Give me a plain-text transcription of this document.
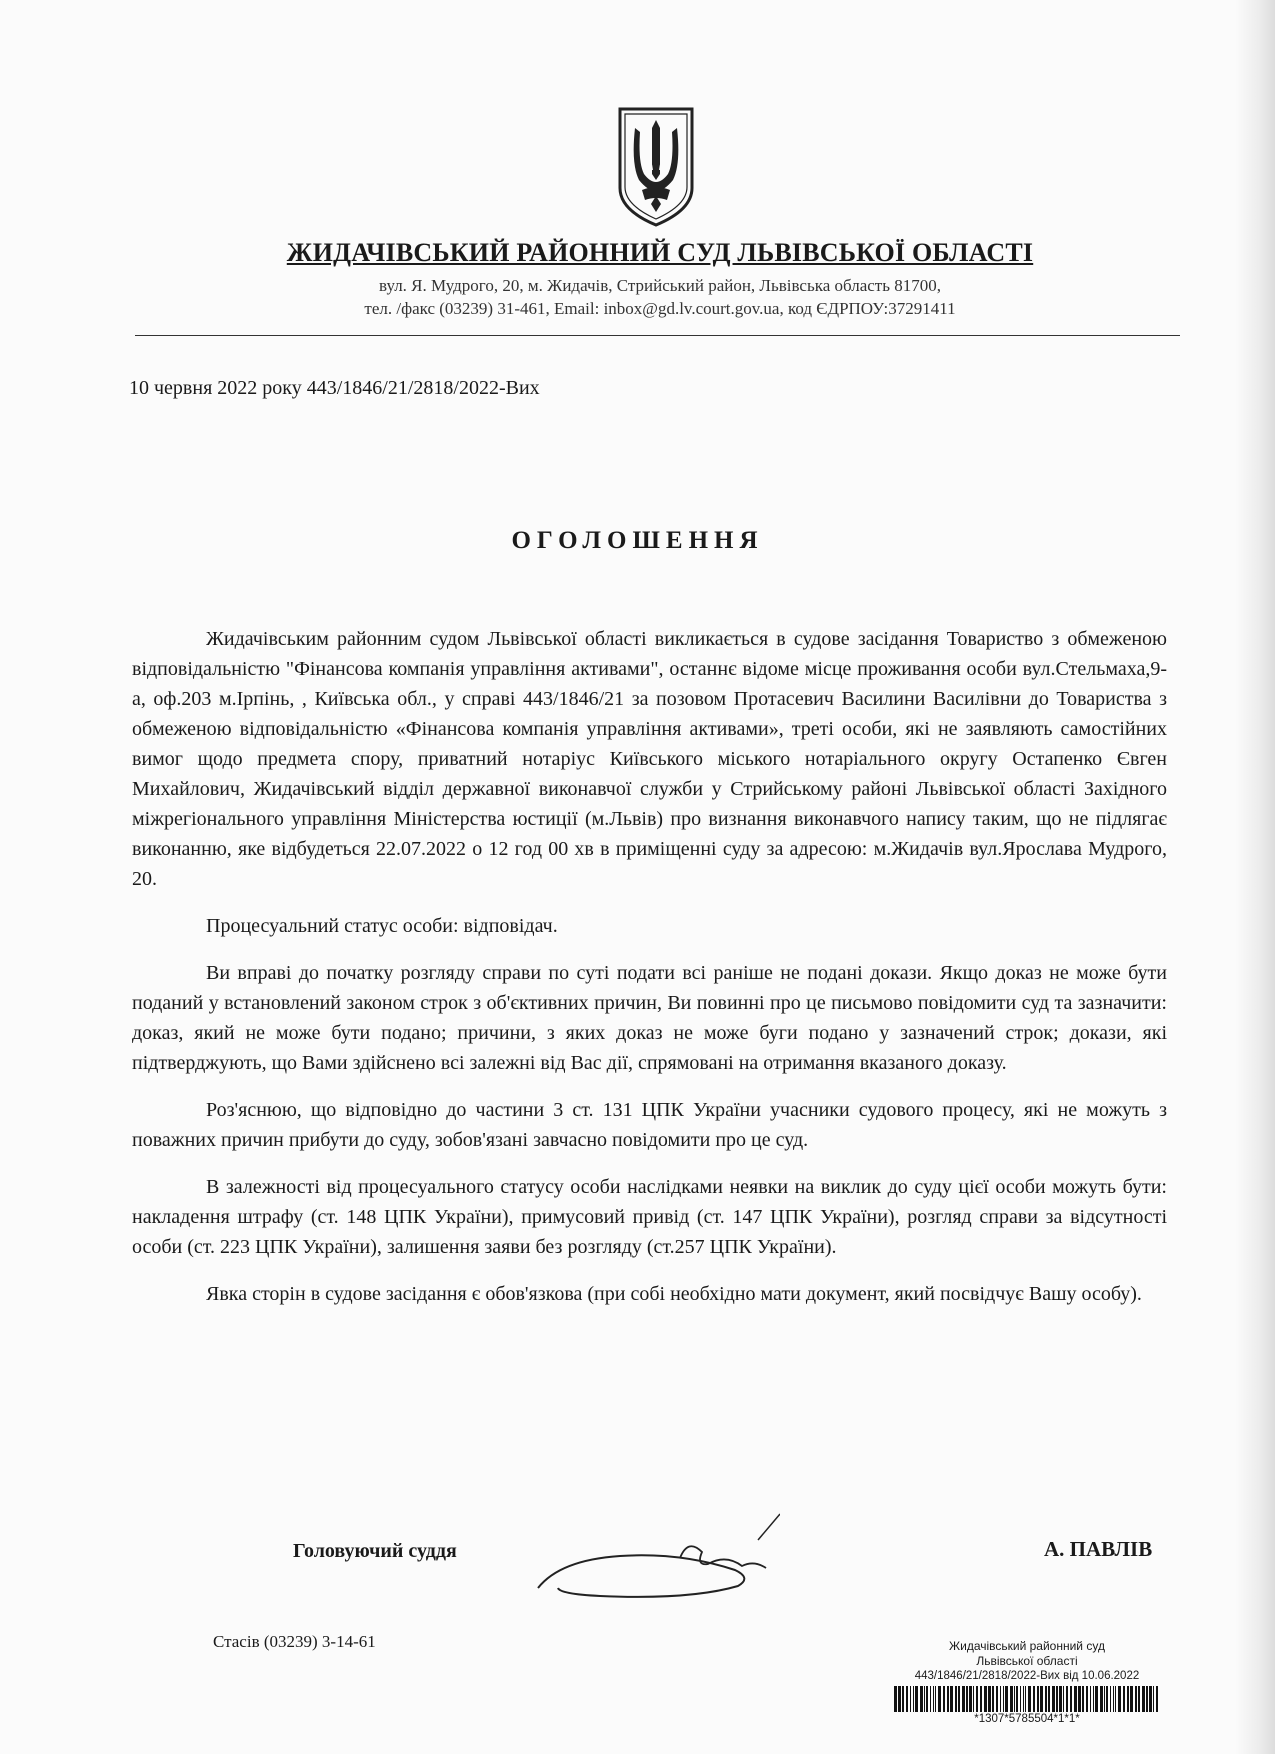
ЖИДАЧІВСЬКИЙ РАЙОННИЙ СУД ЛЬВІВСЬКОЇ ОБЛАСТІ
вул. Я. Мудрого, 20, м. Жидачів, Стрийський район, Львівська область 81700,
тел. /факс (03239) 31-461, Email: inbox@gd.lv.court.gov.ua, код ЄДРПОУ:37291411
10 червня 2022 року 443/1846/21/2818/2022-Вих
ОГОЛОШЕННЯ

Жидачівським районним судом Львівської області викликається в судове засідання Товариство з обмеженою відповідальністю "Фінансова компанія управління активами", останнє відоме місце проживання особи вул.Стельмаха,9-а, оф.203 м.Ірпінь, , Київська обл., у справі 443/1846/21 за позовом Протасевич Василини Василівни до Товариства з обмеженою відповідальністю «Фінансова компанія управління активами», треті особи, які не заявляють самостійних вимог щодо предмета спору, приватний нотаріус Київського міського нотаріального округу Остапенко Євген Михайлович, Жидачівський відділ державної виконавчої служби у Стрийському районі Львівської області Західного міжрегіонального управління Міністерства юстиції (м.Львів) про визнання виконавчого напису таким, що не підлягає виконанню, яке відбудеться 22.07.2022 о 12 год 00 хв в приміщенні суду за адресою: м.Жидачів вул.Ярослава Мудрого, 20.

Процесуальний статус особи: відповідач.

Ви вправі до початку розгляду справи по суті подати всі раніше не подані докази. Якщо доказ не може бути поданий у встановлений законом строк з об'єктивних причин, Ви повинні про це письмово повідомити суд та зазначити: доказ, який не може бути подано; причини, з яких доказ не може буги подано у зазначений строк; докази, які підтверджують, що Вами здійснено всі залежні від Вас дії, спрямовані на отримання вказаного доказу.

Роз'яснюю, що відповідно до частини 3 ст. 131 ЦПК України учасники судового процесу, які не можуть з поважних причин прибути до суду, зобов'язані завчасно повідомити про це суд.

В залежності від процесуального статусу особи наслідками неявки на виклик до суду цієї особи можуть бути: накладення штрафу (ст. 148 ЦПК України), примусовий привід (ст. 147 ЦПК України), розгляд справи за відсутності особи (ст. 223 ЦПК України), залишення заяви без розгляду (ст.257 ЦПК України).

Явка сторін в судове засідання є обов'язкова (при собі необхідно мати документ, який посвідчує Вашу особу).

Головуючий суддя	А. ПАВЛІВ
Стасів (03239) 3-14-61	Жидачівський районний суд
Львівської області
443/1846/21/2818/2022-Вих від 10.06.2022
*1307*5785504*1*1*
